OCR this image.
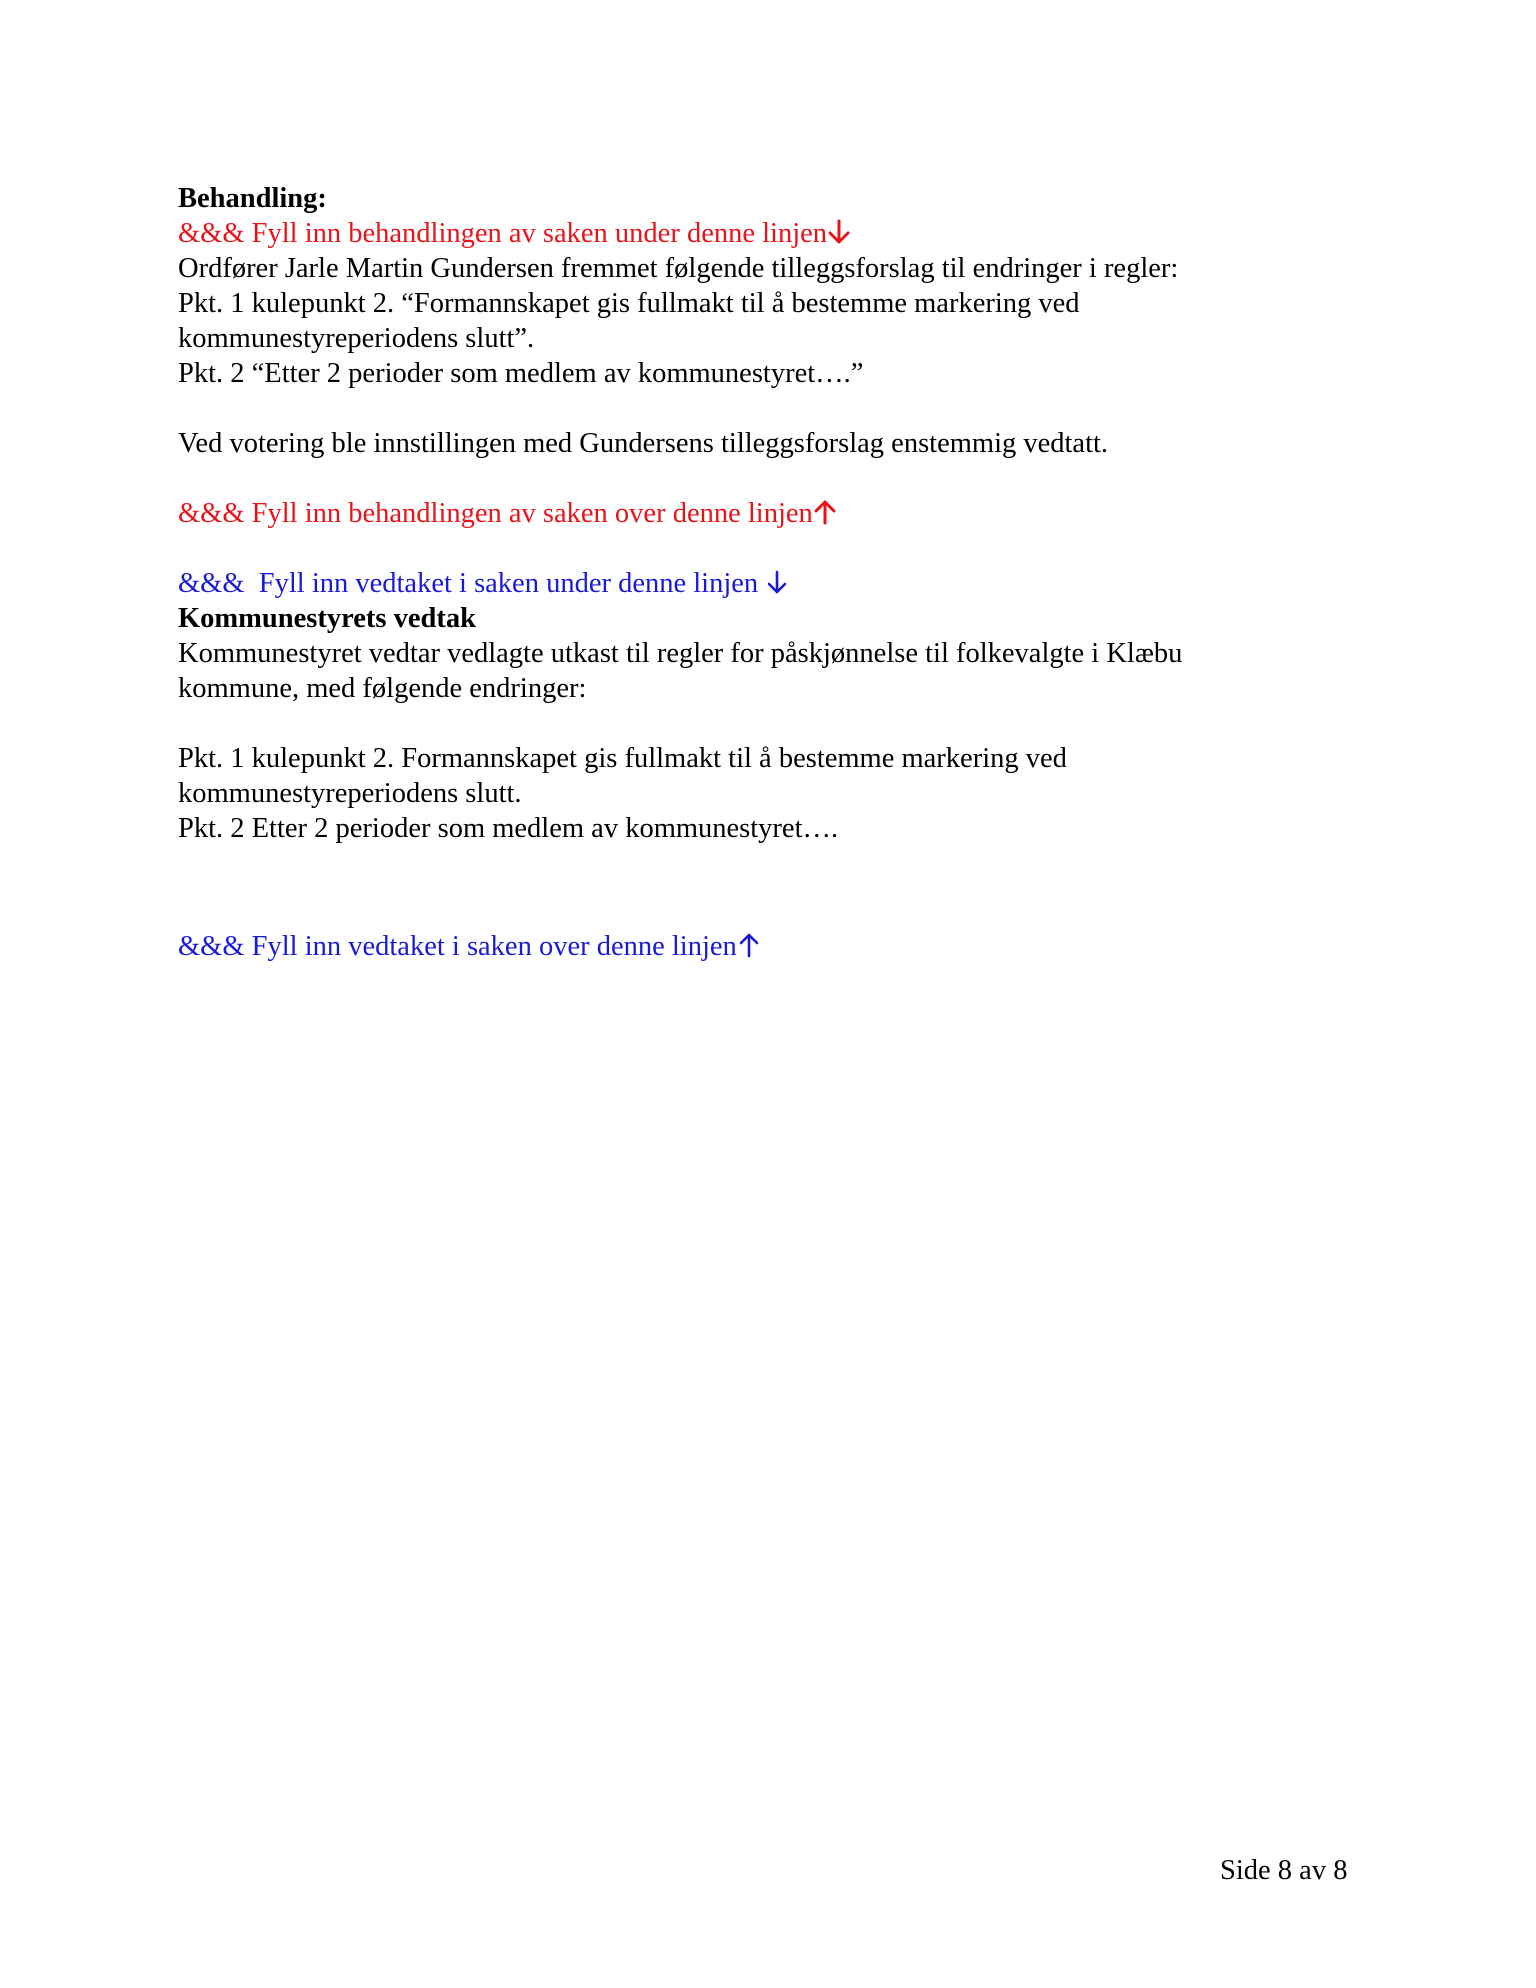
Behandling:
&&& Fyll inn behandlingen av saken under denne linjen
Ordfører Jarle Martin Gundersen fremmet følgende tilleggsforslag til endringer i regler:
Pkt. 1 kulepunkt 2. “Formannskapet gis fullmakt til å bestemme markering ved
kommunestyreperiodens slutt”.
Pkt. 2 “Etter 2 perioder som medlem av kommunestyret….”
Ved votering ble innstillingen med Gundersens tilleggsforslag enstemmig vedtatt.
&&& Fyll inn behandlingen av saken over denne linjen
&&&  Fyll inn vedtaket i saken under denne linjen
Kommunestyrets vedtak
Kommunestyret vedtar vedlagte utkast til regler for påskjønnelse til folkevalgte i Klæbu
kommune, med følgende endringer:
Pkt. 1 kulepunkt 2. Formannskapet gis fullmakt til å bestemme markering ved
kommunestyreperiodens slutt.
Pkt. 2 Etter 2 perioder som medlem av kommunestyret….
&&& Fyll inn vedtaket i saken over denne linjen
Side 8 av 8
